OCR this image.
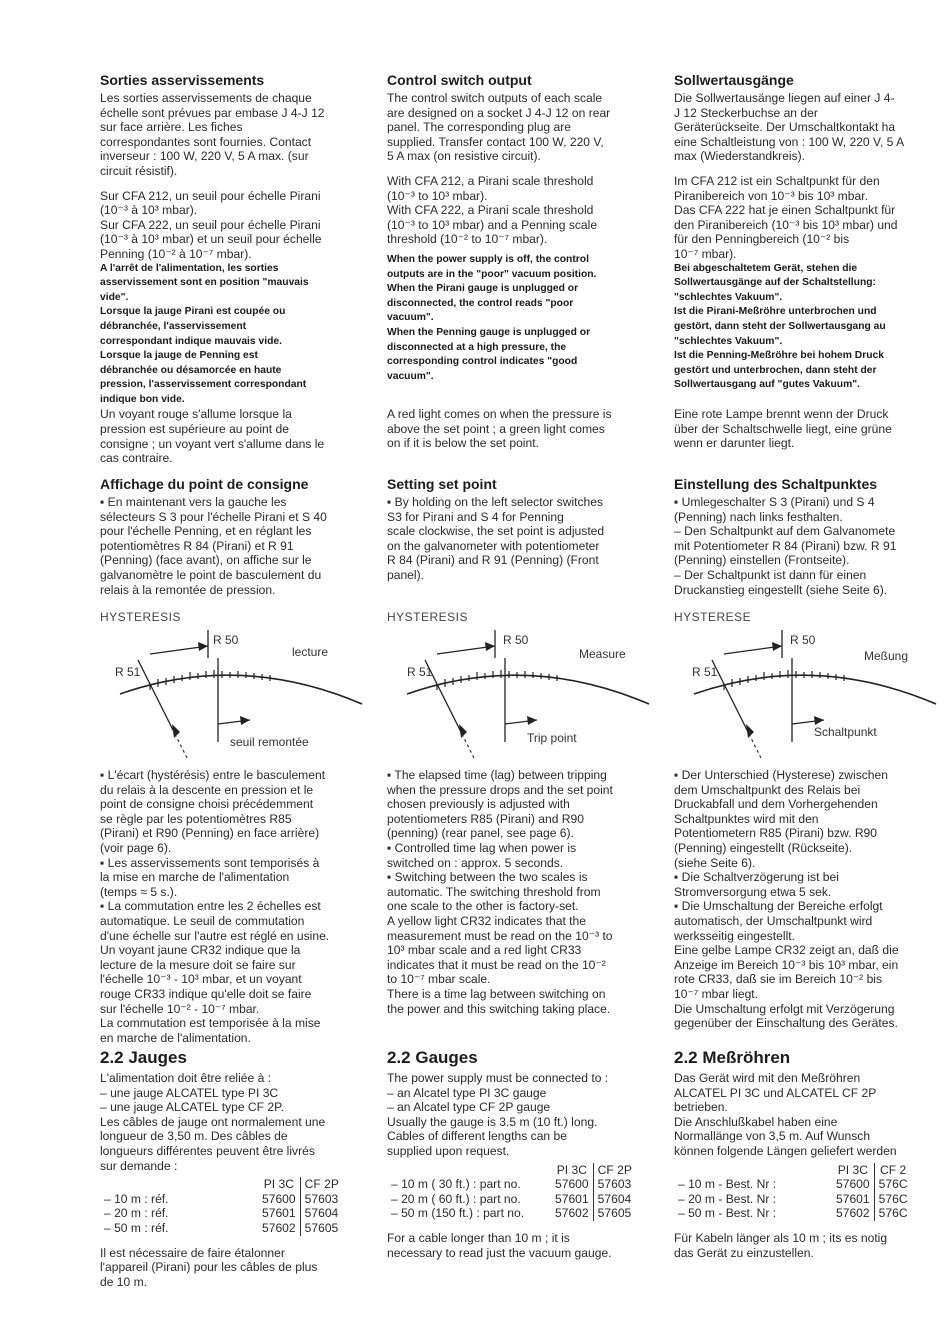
Sorties asservissements

Les sorties asservissements de chaque
échelle sont prévues par embase J 4-J 12
sur face arrière. Les fiches
correspondantes sont fournies. Contact
inverseur : 100 W, 220 V, 5 A max. (sur
circuit résistif).

Sur CFA 212, un seuil pour échelle Pirani
(10⁻³ à 10³ mbar).
Sur CFA 222, un seuil pour échelle Pirani
(10⁻³ à 10³ mbar) et un seuil pour échelle
Penning (10⁻² à 10⁻⁷ mbar).

A l'arrêt de l'alimentation, les sorties
asservissement sont en position "mauvais
vide".
Lorsque la jauge Pirani est coupée ou
débranchée, l'asservissement
correspondant indique mauvais vide.
Lorsque la jauge de Penning est
débranchée ou désamorcée en haute
pression, l'asservissement correspondant
indique bon vide.

Un voyant rouge s'allume lorsque la
pression est supérieure au point de
consigne ; un voyant vert s'allume dans le
cas contraire.

Affichage du point de consigne

▪ En maintenant vers la gauche les
sélecteurs S 3 pour l'échelle Pirani et S 40
pour l'échelle Penning, et en réglant les
potentiomètres R 84 (Pirani) et R 91
(Penning) (face avant), on affiche sur le
galvanomètre le point de basculement du
relais à la remontée de pression.

HYSTERESIS

R 50
R 51
lecture
seuil remontée

▪ L'écart (hystérésis) entre le basculement
du relais à la descente en pression et le
point de consigne choisi précédemment
se règle par les potentiomètres R85
(Pirani) et R90 (Penning) en face arrière)
(voir page 6).
▪ Les asservissements sont temporisés à
la mise en marche de l'alimentation
(temps ≈ 5 s.).
▪ La commutation entre les 2 échelles est
automatique. Le seuil de commutation
d'une échelle sur l'autre est réglé en usine.
Un voyant jaune CR32 indique que la
lecture de la mesure doit se faire sur
l'échelle 10⁻³ - 10³ mbar, et un voyant
rouge CR33 indique qu'elle doit se faire
sur l'échelle 10⁻² - 10⁻⁷ mbar.
La commutation est temporisée à la mise
en marche de l'alimentation.

2.2 Jauges

L'alimentation doit être reliée à :
– une jauge ALCATEL type PI 3C
– une jauge ALCATEL type CF 2P.
Les câbles de jauge ont normalement une
longueur de 3,50 m. Des câbles de
longueurs différentes peuvent être livrés
sur demande :

	PI 3C	CF 2P
– 10 m : réf.	57600	57603
– 20 m : réf.	57601	57604
– 50 m : réf.	57602	57605

Il est nécessaire de faire étalonner
l'appareil (Pirani) pour les câbles de plus
de 10 m.

Control switch output

The control switch outputs of each scale
are designed on a socket J 4-J 12 on rear
panel. The corresponding plug are
supplied. Transfer contact 100 W, 220 V,
5 A max (on resistive circuit).

With CFA 212, a Pirani scale threshold
(10⁻³ to 10³ mbar).
With CFA 222, a Pirani scale threshold
(10⁻³ to 10³ mbar) and a Penning scale
threshold (10⁻² to 10⁻⁷ mbar).

When the power supply is off, the control
outputs are in the "poor" vacuum position.
When the Pirani gauge is unplugged or
disconnected, the control reads "poor
vacuum".
When the Penning gauge is unplugged or
disconnected at a high pressure, the
corresponding control indicates "good
vacuum".

A red light comes on when the pressure is
above the set point ; a green light comes
on if it is below the set point.

Setting set point

▪ By holding on the left selector switches
S3 for Pirani and S 4 for Penning
scale clockwise, the set point is adjusted
on the galvanometer with potentiometer
R 84 (Pirani) and R 91 (Penning) (Front
panel).

HYSTERESIS

R 50
R 51
Measure
Trip point

▪ The elapsed time (lag) between tripping
when the pressure drops and the set point
chosen previously is adjusted with
potentiometers R85 (Pirani) and R90
(penning) (rear panel, see page 6).
▪ Controlled time lag when power is
switched on : approx. 5 seconds.
▪ Switching between the two scales is
automatic. The switching threshold from
one scale to the other is factory-set.
A yellow light CR32 indicates that the
measurement must be read on the 10⁻³ to
10³ mbar scale and a red light CR33
indicates that it must be read on the 10⁻²
to 10⁻⁷ mbar scale.
There is a time lag between switching on
the power and this switching taking place.

2.2 Gauges

The power supply must be connected to :
– an Alcatel type PI 3C gauge
– an Alcatel type CF 2P gauge
Usually the gauge is 3.5 m (10 ft.) long.
Cables of different lengths can be
supplied upon request.

	PI 3C	CF 2P
– 10 m ( 30 ft.) : part no.	57600	57603
– 20 m ( 60 ft.) : part no.	57601	57604
– 50 m (150 ft.) : part no.	57602	57605

For a cable longer than 10 m ; it is
necessary to read just the vacuum gauge.

Sollwertausgänge

Die Sollwertausänge liegen auf einer J 4-
J 12 Steckerbuchse an der
Geräterückseite. Der Umschaltkontakt ha
eine Schaltleistung von : 100 W, 220 V, 5 A
max (Wiederstandkreis).

Im CFA 212 ist ein Schaltpunkt für den
Piranibereich von 10⁻³ bis 10³ mbar.
Das CFA 222 hat je einen Schaltpunkt für
den Piranibereich (10⁻³ bis 10³ mbar) und
für den Penningbereich (10⁻² bis
10⁻⁷ mbar).

Bei abgeschaltetem Gerät, stehen die
Sollwertausgänge auf der Schaltstellung:
"schlechtes Vakuum".
Ist die Pirani-Meßröhre unterbrochen und
gestört, dann steht der Sollwertausgang au
"schlechtes Vakuum".
Ist die Penning-Meßröhre bei hohem Druck
gestört und unterbrochen, dann steht der
Sollwertausgang auf "gutes Vakuum".

Eine rote Lampe brennt wenn der Druck
über der Schaltschwelle liegt, eine grüne
wenn er darunter liegt.

Einstellung des Schaltpunktes

▪ Umlegeschalter S 3 (Pirani) und S 4
(Penning) nach links festhalten.
– Den Schaltpunkt auf dem Galvanomete
mit Potentiometer R 84 (Pirani) bzw. R 91
(Penning) einstellen (Frontseite).
– Der Schaltpunkt ist dann für einen
Druckanstieg eingestellt (siehe Seite 6).

HYSTERESE

R 50
R 51
Meßung
Schaltpunkt

▪ Der Unterschied (Hysterese) zwischen
dem Umschaltpunkt des Relais bei
Druckabfall und dem Vorhergehenden
Schaltpunktes wird mit den
Potentiometern R85 (Pirani) bzw. R90
(Penning) eingestellt (Rückseite).
(siehe Seite 6).
▪ Die Schaltverzögerung ist bei
Stromversorgung etwa 5 sek.
▪ Die Umschaltung der Bereiche erfolgt
automatisch, der Umschaltpunkt wird
werksseitig eingestellt.
Eine gelbe Lampe CR32 zeigt an, daß die
Anzeige im Bereich 10⁻³ bis 10³ mbar, ein
rote CR33, daß sie im Bereich 10⁻² bis
10⁻⁷ mbar liegt.
Die Umschaltung erfolgt mit Verzögerung
gegenüber der Einschaltung des Gerätes.

2.2 Meßröhren

Das Gerät wird mit den Meßröhren
ALCATEL PI 3C und ALCATEL CF 2P
betrieben.
Die Anschlußkabel haben eine
Normallänge von 3,5 m. Auf Wunsch
können folgende Längen geliefert werden

	PI 3C	CF 2
– 10 m - Best. Nr :	57600	576C
– 20 m - Best. Nr :	57601	576C
– 50 m - Best. Nr :	57602	576C

Für Kabeln länger als 10 m ; its es notig
das Gerät zu einzustellen.
